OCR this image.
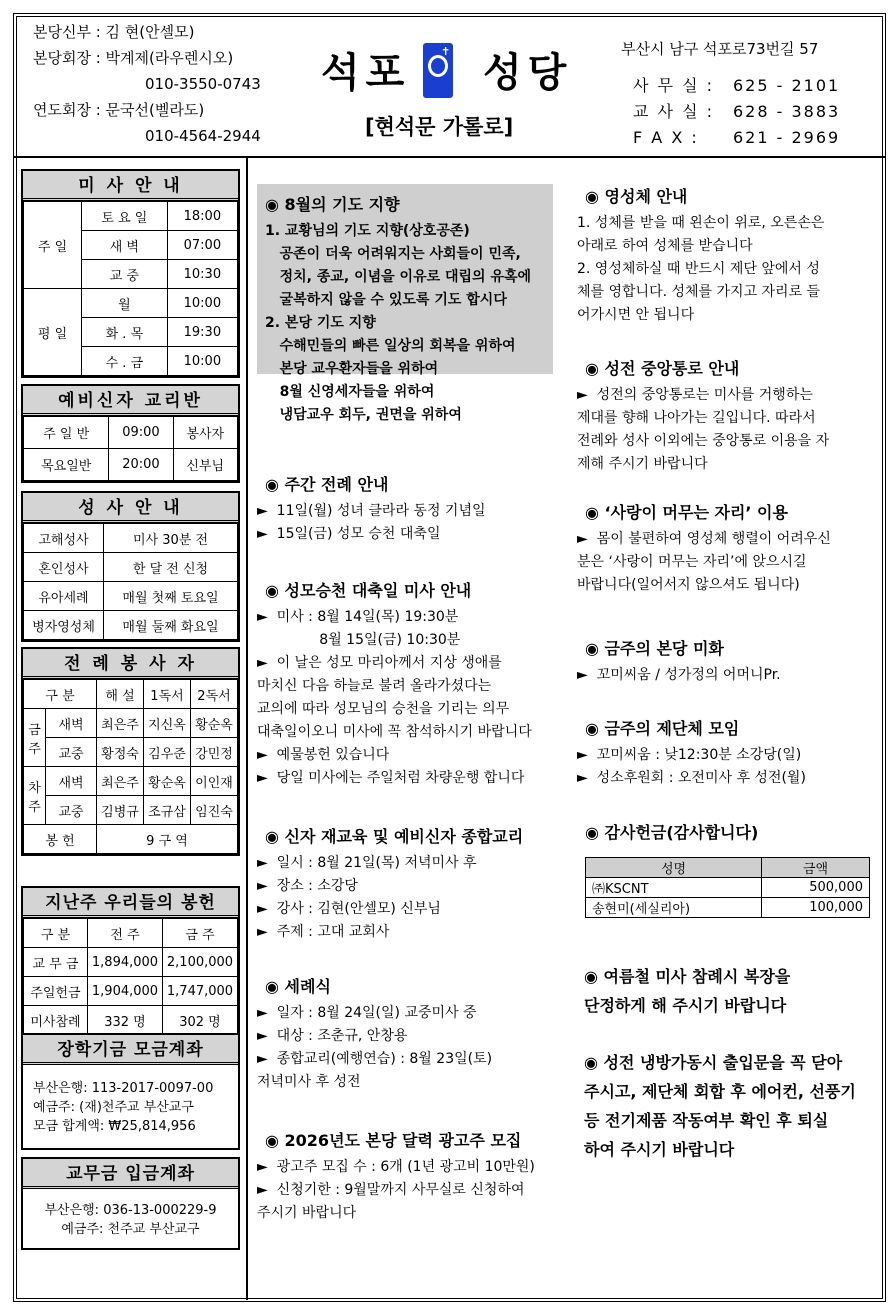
본당신부 : 김 현(안셀모)
본당회장 : 박계제(라우렌시오)
010-3550-0743
연도회장 : 문국선(벨라도)
010-4564-2944
석포	✝ 성당
[현석문 가롤로]
부산시 남구 석포로73번길 57
사 무 실 : 625 - 2101
교 사 실 : 628 - 3883
F A X : 621 - 2969
미 사 안 내
주 일	토 요 일	18:00
	새 벽	07:00
	교 중	10:30
평 일	월	10:00
	화 . 목	19:30
	수 . 금	10:00
예비신자 교리반
주 일 반	09:00	봉사자
목요일반	20:00	신부님
성 사 안 내
고해성사	미사 30분 전
혼인성사	한 달 전 신청
유아세례	매월 첫째 토요일
병자영성체	매월 둘째 화요일
전 례 봉 사 자
구 분		해 설	1독서	2독서
금주	새벽	최은주	지신옥	황순옥
	교중	황정숙	김우준	강민정
차주	새벽	최은주	황순옥	이인재
	교중	김병규	조규삼	임진숙
봉 헌		9 구 역		
지난주 우리들의 봉헌
구 분	전 주	금 주
교 무 금	1,894,000	2,100,000
주일헌금	1,904,000	1,747,000
미사참례	332 명	302 명
장학기금 모금계좌
부산은행: 113-2017-0097-00
예금주: (재)천주교 부산교구
모금 합계액: ₩25,814,956
교무금 입금계좌
부산은행: 036-13-000229-9
예금주: 천주교 부산교구
◉ 8월의 기도 지향
1. 교황님의 기도 지향(상호공존)
공존이 더욱 어려워지는 사회들이 민족,
정치, 종교, 이념을 이유로 대립의 유혹에
굴복하지 않을 수 있도록 기도 합시다
2. 본당 기도 지향
수해민들의 빠른 일상의 회복을 위하여
본당 교우환자들을 위하여
8월 신영세자들을 위하여
냉담교우 회두, 권면을 위하여
◉ 주간 전례 안내
►  11일(월) 성녀 클라라 동정 기념일
►  15일(금) 성모 승천 대축일
◉ 성모승천 대축일 미사 안내
►  미사 : 8월 14일(목) 19:30분
8월 15일(금) 10:30분
►  이 날은 성모 마리아께서 지상 생애를
마치신 다음 하늘로 불려 올라가셨다는
교의에 따라 성모님의 승천을 기리는 의무
대축일이오니 미사에 꼭 참석하시기 바랍니다
►  예물봉헌 있습니다
►  당일 미사에는 주일처럼 차량운행 합니다
◉ 신자 재교육 및 예비신자 종합교리
►  일시 : 8월 21일(목) 저녁미사 후
►  장소 : 소강당
►  강사 : 김현(안셀모) 신부님
►  주제 : 고대 교회사
◉ 세례식
►  일자 : 8월 24일(일) 교중미사 중
►  대상 : 조춘규, 안창용
►  종합교리(예행연습) : 8월 23일(토)
저녁미사 후 성전
◉ 2026년도 본당 달력 광고주 모집
►  광고주 모집 수 : 6개 (1년 광고비 10만원)
►  신청기한 : 9월말까지 사무실로 신청하여
주시기 바랍니다
◉ 영성체 안내
1. 성체를 받을 때 왼손이 위로, 오른손은
아래로 하여 성체를 받습니다
2. 영성체하실 때 반드시 제단 앞에서 성
체를 영합니다. 성체를 가지고 자리로 들
어가시면 안 됩니다
◉ 성전 중앙통로 안내
►  성전의 중앙통로는 미사를 거행하는
제대를 향해 나아가는 길입니다. 따라서
전례와 성사 이외에는 중앙통로 이용을 자
제해 주시기 바랍니다
◉ ‘사랑이 머무는 자리’ 이용
►  몸이 불편하여 영성체 행렬이 어려우신
분은 ‘사랑이 머무는 자리’에 앉으시길
바랍니다(일어서지 않으셔도 됩니다)
◉ 금주의 본당 미화
►  꼬미씨움 / 성가정의 어머니Pr.
◉ 금주의 제단체 모임
►  꼬미씨움 : 낮12:30분 소강당(일)
►  성소후원회 : 오전미사 후 성전(월)
◉ 감사헌금(감사합니다)
성명	금액
㈜KSCNT	500,000
송현미(세실리아)	100,000
◉ 여름철 미사 참례시 복장을
단정하게 해 주시기 바랍니다
◉ 성전 냉방가동시 출입문을 꼭 닫아
주시고, 제단체 회합 후 에어컨, 선풍기
등 전기제품 작동여부 확인 후 퇴실
하여 주시기 바랍니다
